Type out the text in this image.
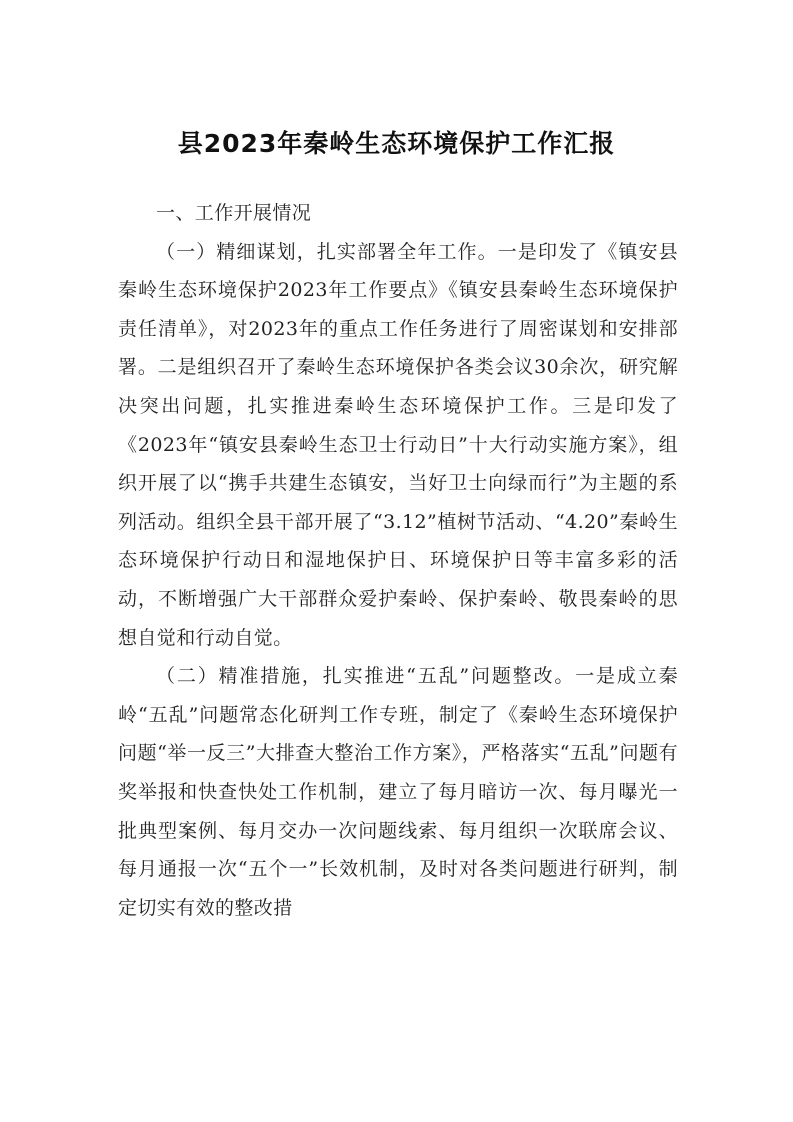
县2023年秦岭生态环境保护工作汇报

一、工作开展情况

（一）精细谋划，扎实部署全年工作。一是印发了《镇安县秦岭生态环境保护2023年工作要点》《镇安县秦岭生态环境保护责任清单》，对2023年的重点工作任务进行了周密谋划和安排部署。二是组织召开了秦岭生态环境保护各类会议30余次，研究解决突出问题，扎实推进秦岭生态环境保护工作。三是印发了《2023年“镇安县秦岭生态卫士行动日”十大行动实施方案》，组织开展了以“携手共建生态镇安，当好卫士向绿而行”为主题的系列活动。组织全县干部开展了“3.12”植树节活动、“4.20”秦岭生态环境保护行动日和湿地保护日、环境保护日等丰富多彩的活动，不断增强广大干部群众爱护秦岭、保护秦岭、敬畏秦岭的思想自觉和行动自觉。

（二）精准措施，扎实推进“五乱”问题整改。一是成立秦岭“五乱”问题常态化研判工作专班，制定了《秦岭生态环境保护问题“举一反三”大排查大整治工作方案》，严格落实“五乱”问题有奖举报和快查快处工作机制，建立了每月暗访一次、每月曝光一批典型案例、每月交办一次问题线索、每月组织一次联席会议、每月通报一次“五个一”长效机制，及时对各类问题进行研判，制定切实有效的整改措
